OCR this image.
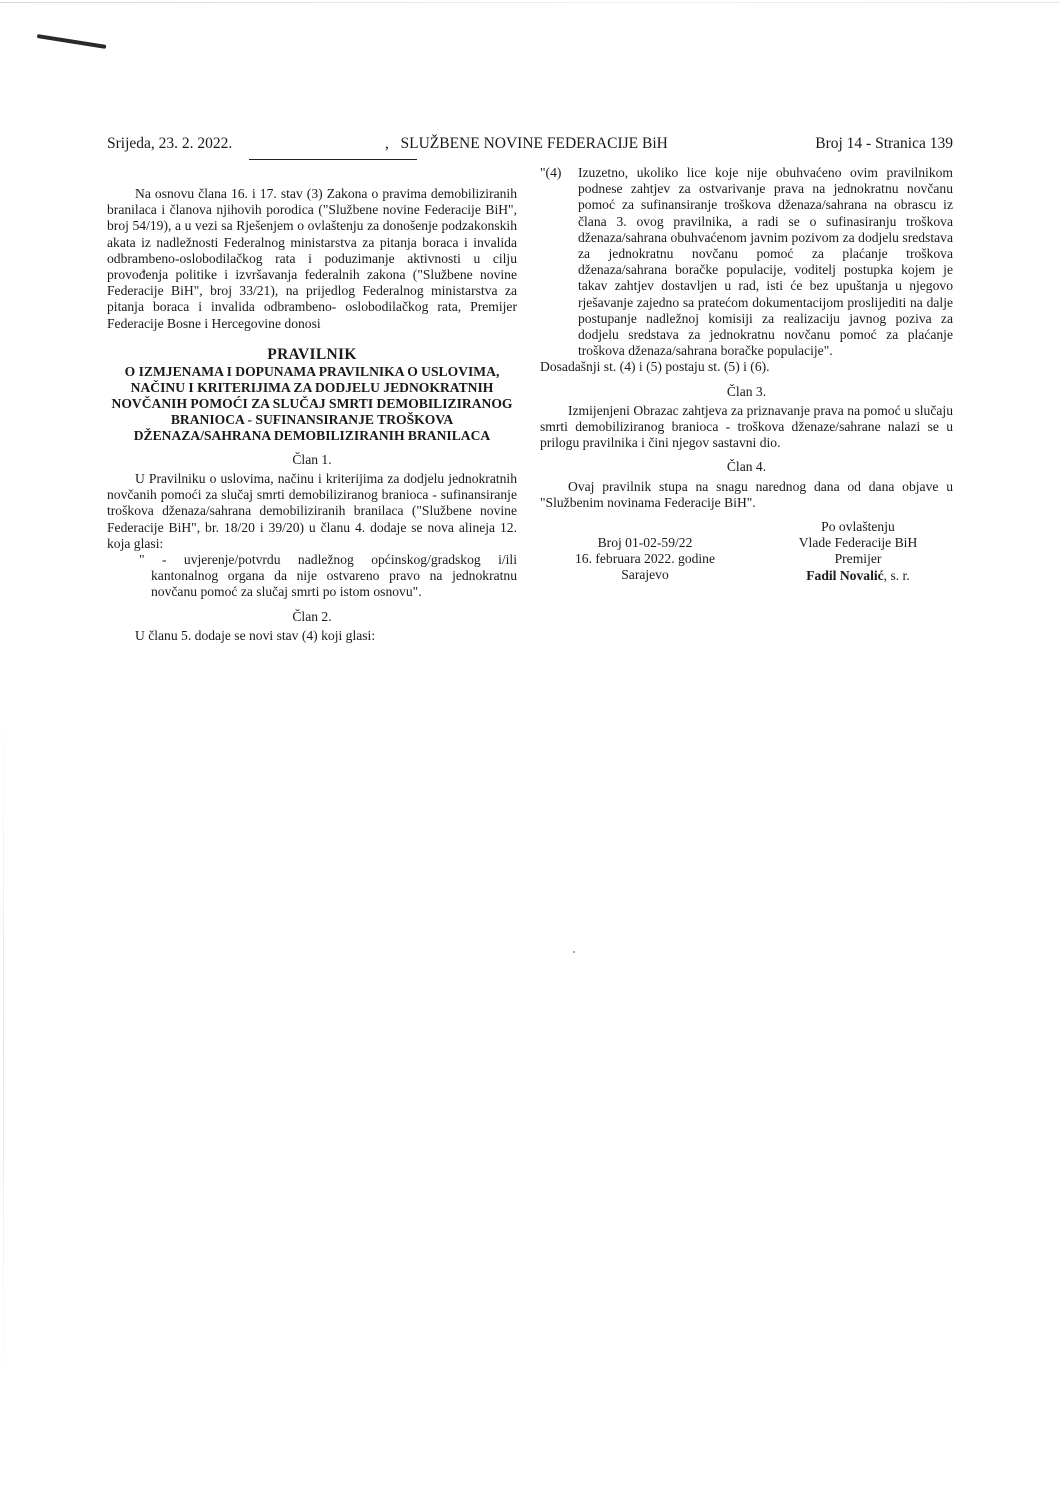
Srijeda, 23. 2. 2022.	, SLUŽBENE NOVINE FEDERACIJE BiH	Broj 14 - Stranica 139

Na osnovu člana 16. i 17. stav (3) Zakona o pravima demobiliziranih branilaca i članova njihovih porodica ("Službene novine Federacije BiH", broj 54/19), a u vezi sa Rješenjem o ovlaštenju za donošenje podzakonskih akata iz nadležnosti Federalnog ministarstva za pitanja boraca i invalida odbrambeno-oslobodilačkog rata i poduzimanje aktivnosti u cilju provođenja politike i izvršavanja federalnih zakona ("Službene novine Federacije BiH", broj 33/21), na prijedlog Federalnog ministarstva za pitanja boraca i invalida odbrambeno- oslobodilačkog rata, Premijer Federacije Bosne i Hercegovine donosi

PRAVILNIK
O IZMJENAMA I DOPUNAMA PRAVILNIKA O USLOVIMA, NAČINU I KRITERIJIMA ZA DODJELU JEDNOKRATNIH NOVČANIH POMOĆI ZA SLUČAJ SMRTI DEMOBILIZIRANOG BRANIOCA - SUFINANSIRANJE TROŠKOVA DŽENAZA/SAHRANA DEMOBILIZIRANIH BRANILACA
Član 1.

U Pravilniku o uslovima, načinu i kriterijima za dodjelu jednokratnih novčanih pomoći za slučaj smrti demobiliziranog branioca - sufinansiranje troškova dženaza/sahrana demobiliziranih branilaca ("Službene novine Federacije BiH", br. 18/20 i 39/20) u članu 4. dodaje se nova alineja 12. koja glasi:

" - uvjerenje/potvrdu nadležnog općinskog/gradskog i/ili kantonalnog organa da nije ostvareno pravo na jednokratnu novčanu pomoć za slučaj smrti po istom osnovu".

Član 2.

U članu 5. dodaje se novi stav (4) koji glasi:

"(4)	Izuzetno, ukoliko lice koje nije obuhvaćeno ovim pravilnikom podnese zahtjev za ostvarivanje prava na jednokratnu novčanu pomoć za sufinansiranje troškova dženaza/sahrana na obrascu iz člana 3. ovog pravilnika, a radi se o sufinasiranju troškova dženaza/sahrana obuhvaćenom javnim pozivom za dodjelu sredstava za jednokratnu novčanu pomoć za plaćanje troškova dženaza/sahrana boračke populacije, voditelj postupka kojem je takav zahtjev dostavljen u rad, isti će bez upuštanja u njegovo rješavanje zajedno sa pratećom dokumentacijom proslijediti na dalje postupanje nadležnoj komisiji za realizaciju javnog poziva za dodjelu sredstava za jednokratnu novčanu pomoć za plaćanje troškova dženaza/sahrana boračke populacije".

Dosadašnji st. (4) i (5) postaju st. (5) i (6).

Član 3.

Izmijenjeni Obrazac zahtjeva za priznavanje prava na pomoć u slučaju smrti demobiliziranog branioca - troškova dženaze/sahrane nalazi se u prilogu pravilnika i čini njegov sastavni dio.

Član 4.

Ovaj pravilnik stupa na snagu narednog dana od dana objave u "Službenim novinama Federacije BiH".

Broj 01-02-59/22
16. februara 2022. godine
Sarajevo
Po ovlaštenju
Vlade Federacije BiH
Premijer
Fadil Novalić, s. r.
